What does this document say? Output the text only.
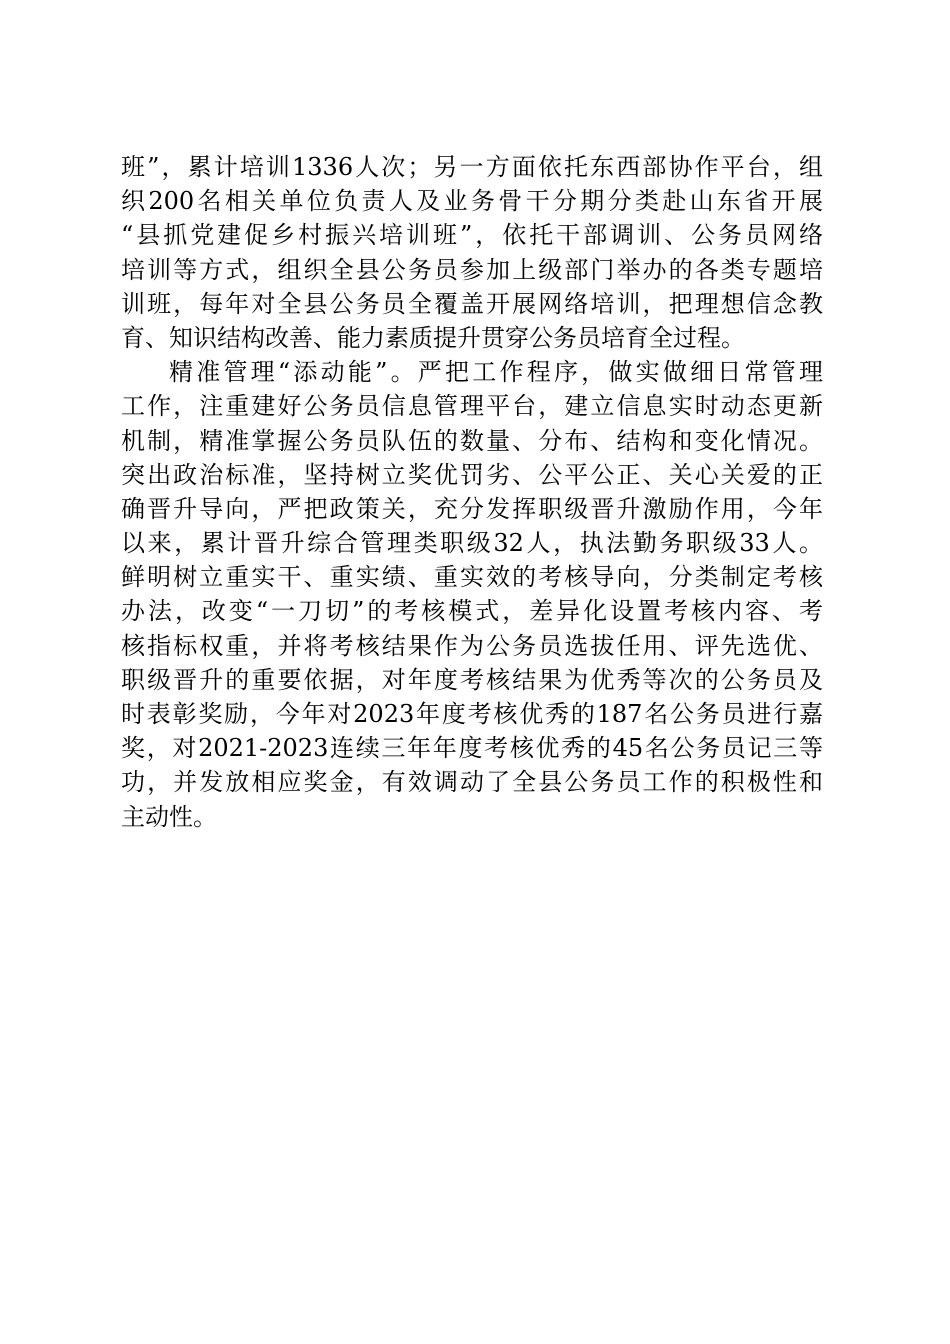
班”，累计培训1336人次；另一方面依托东西部协作平台，组
织200名相关单位负责人及业务骨干分期分类赴山东省开展
“县抓党建促乡村振兴培训班”，依托干部调训、公务员网络
培训等方式，组织全县公务员参加上级部门举办的各类专题培
训班，每年对全县公务员全覆盖开展网络培训，把理想信念教
育、知识结构改善、能力素质提升贯穿公务员培育全过程。
精准管理“添动能”。严把工作程序，做实做细日常管理
工作，注重建好公务员信息管理平台，建立信息实时动态更新
机制，精准掌握公务员队伍的数量、分布、结构和变化情况。
突出政治标准，坚持树立奖优罚劣、公平公正、关心关爱的正
确晋升导向，严把政策关，充分发挥职级晋升激励作用，今年
以来，累计晋升综合管理类职级32人，执法勤务职级33人。
鲜明树立重实干、重实绩、重实效的考核导向，分类制定考核
办法，改变“一刀切”的考核模式，差异化设置考核内容、考
核指标权重，并将考核结果作为公务员选拔任用、评先选优、
职级晋升的重要依据，对年度考核结果为优秀等次的公务员及
时表彰奖励，今年对2023年度考核优秀的187名公务员进行嘉
奖，对2021-2023连续三年年度考核优秀的45名公务员记三等
功，并发放相应奖金，有效调动了全县公务员工作的积极性和
主动性。
